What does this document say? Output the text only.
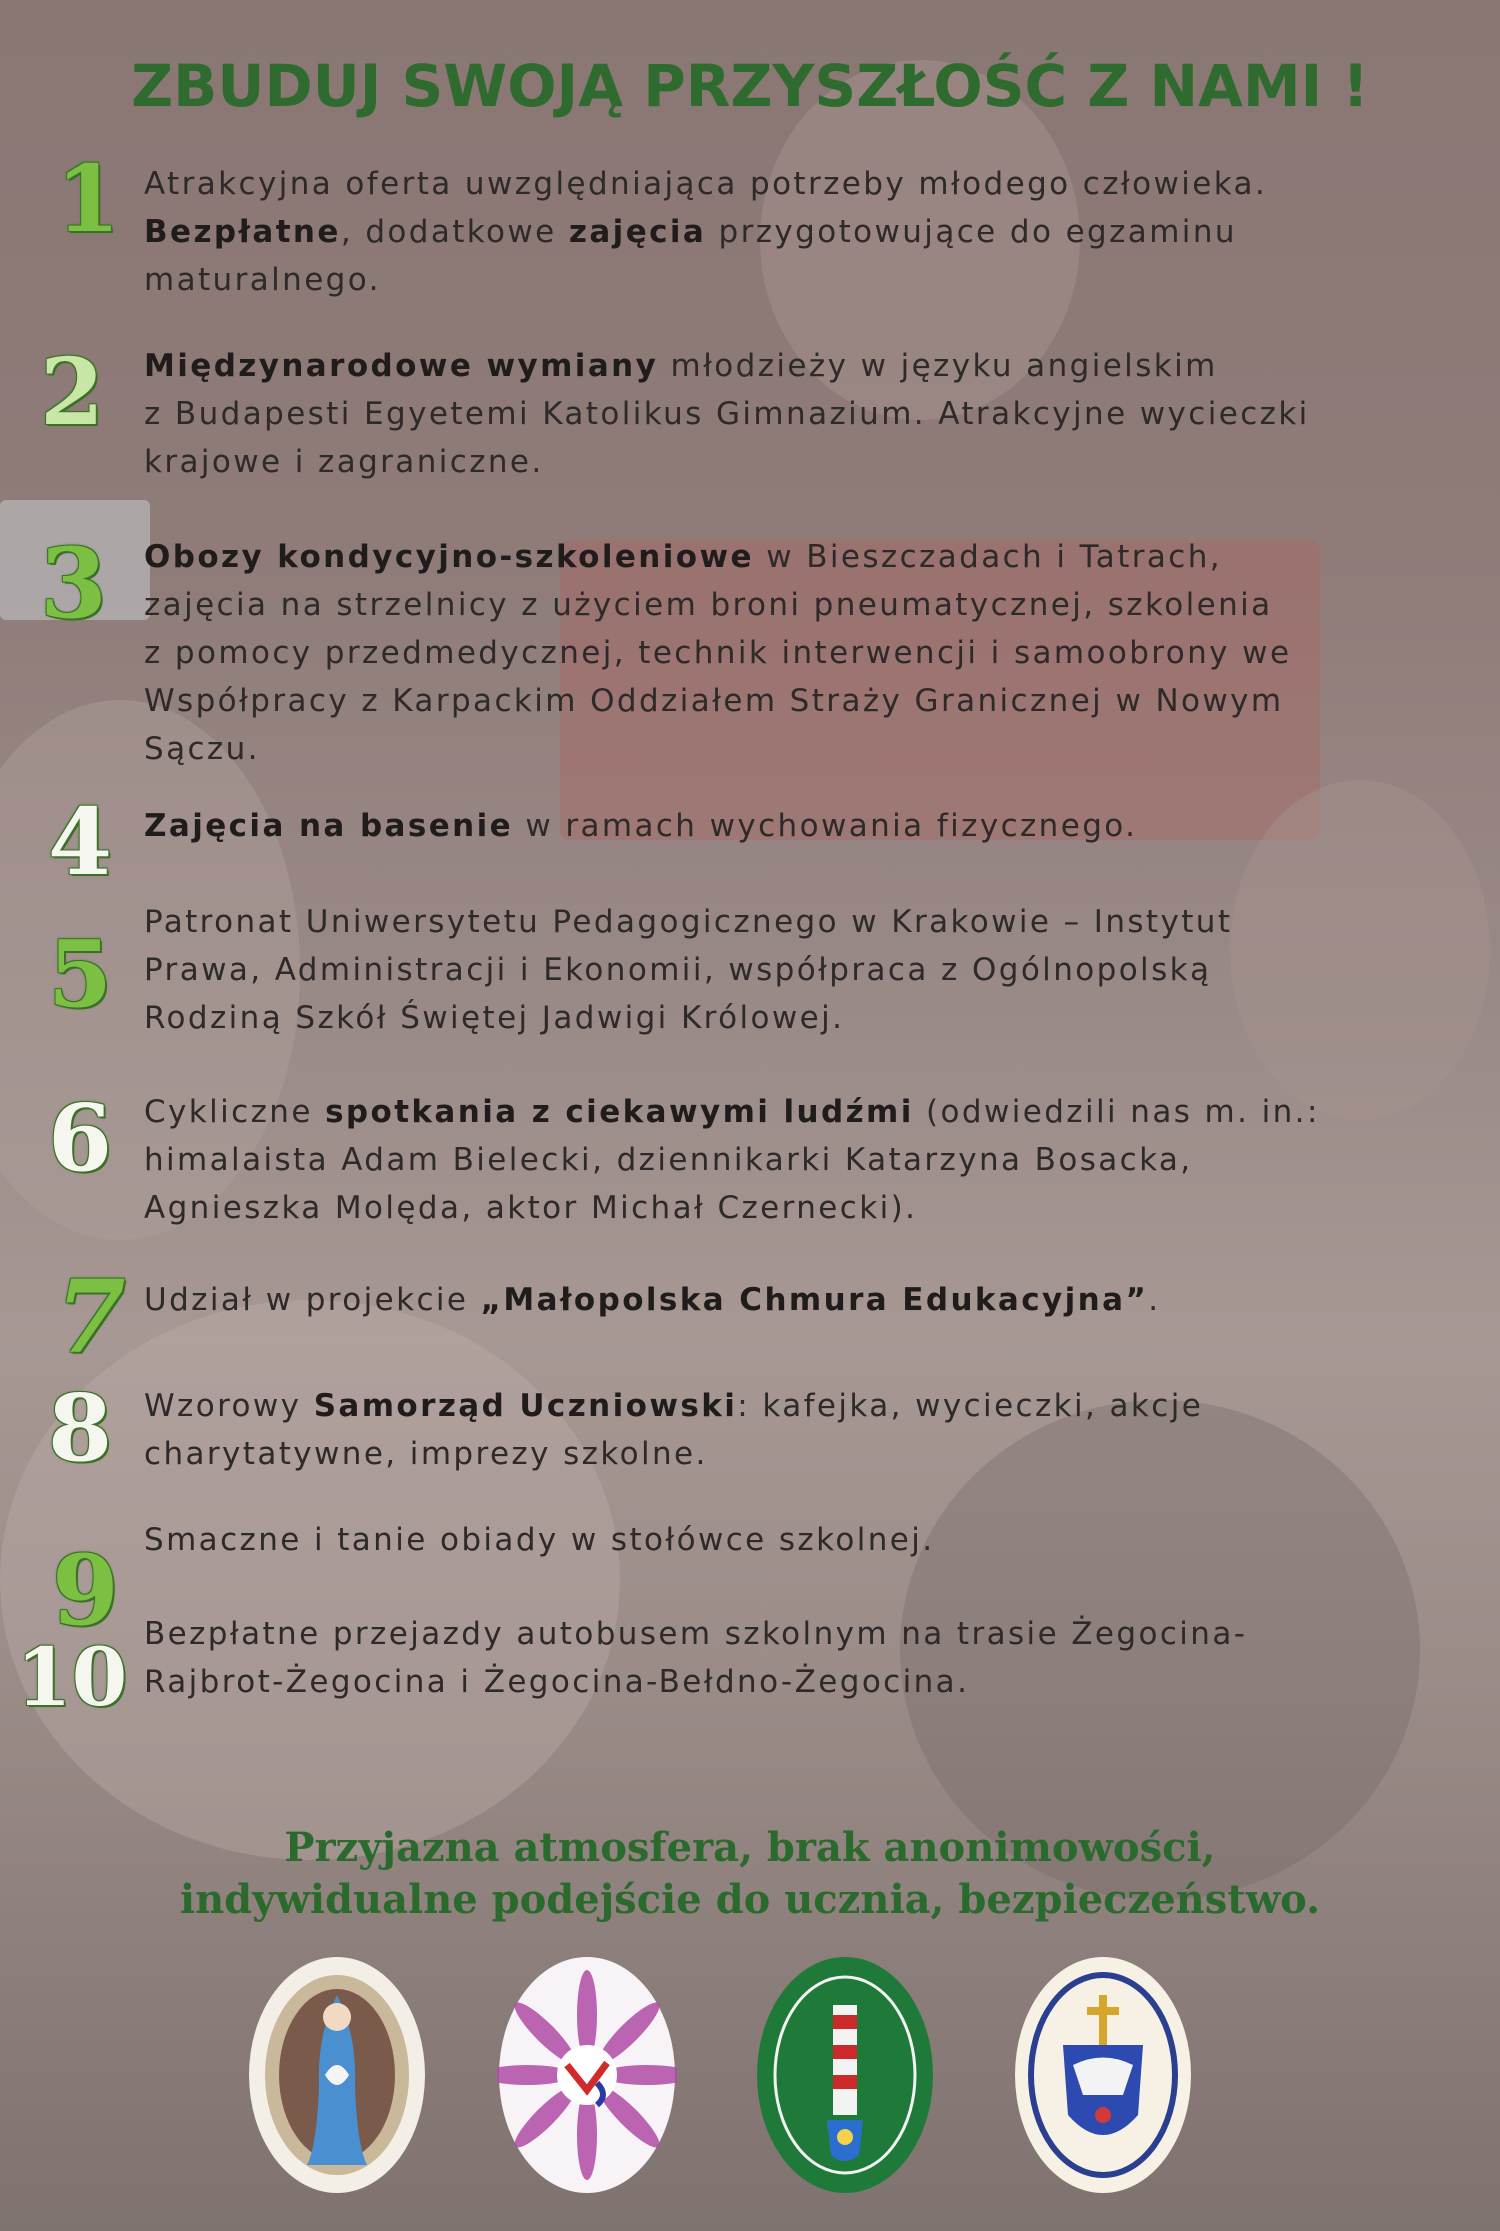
ZBUDUJ SWOJĄ PRZYSZŁOŚĆ Z NAMI !
1 Atrakcyjna oferta uwzględniająca potrzeby młodego człowieka.
Bezpłatne, dodatkowe zajęcia przygotowujące do egzaminu
maturalnego.
2 Międzynarodowe wymiany młodzieży w języku angielskim
z Budapesti Egyetemi Katolikus Gimnazium. Atrakcyjne wycieczki
krajowe i zagraniczne.
3 Obozy kondycyjno-szkoleniowe w Bieszczadach i Tatrach,
zajęcia na strzelnicy z użyciem broni pneumatycznej, szkolenia
z pomocy przedmedycznej, technik interwencji i samoobrony we
Współpracy z Karpackim Oddziałem Straży Granicznej w Nowym
Sączu.
4 Zajęcia na basenie w ramach wychowania fizycznego.
5 Patronat Uniwersytetu Pedagogicznego w Krakowie – Instytut
Prawa, Administracji i Ekonomii, współpraca z Ogólnopolską
Rodziną Szkół Świętej Jadwigi Królowej.
6 Cykliczne spotkania z ciekawymi ludźmi (odwiedzili nas m. in.:
himalaista Adam Bielecki, dziennikarki Katarzyna Bosacka,
Agnieszka Molęda, aktor Michał Czernecki).
7 Udział w projekcie „Małopolska Chmura Edukacyjna”.
8 Wzorowy Samorząd Uczniowski: kafejka, wycieczki, akcje
charytatywne, imprezy szkolne.
9 Smaczne i tanie obiady w stołówce szkolnej.
10 Bezpłatne przejazdy autobusem szkolnym na trasie Żegocina-
Rajbrot-Żegocina i Żegocina-Bełdno-Żegocina.
Przyjazna atmosfera, brak anonimowości,
indywidualne podejście do ucznia, bezpieczeństwo.
